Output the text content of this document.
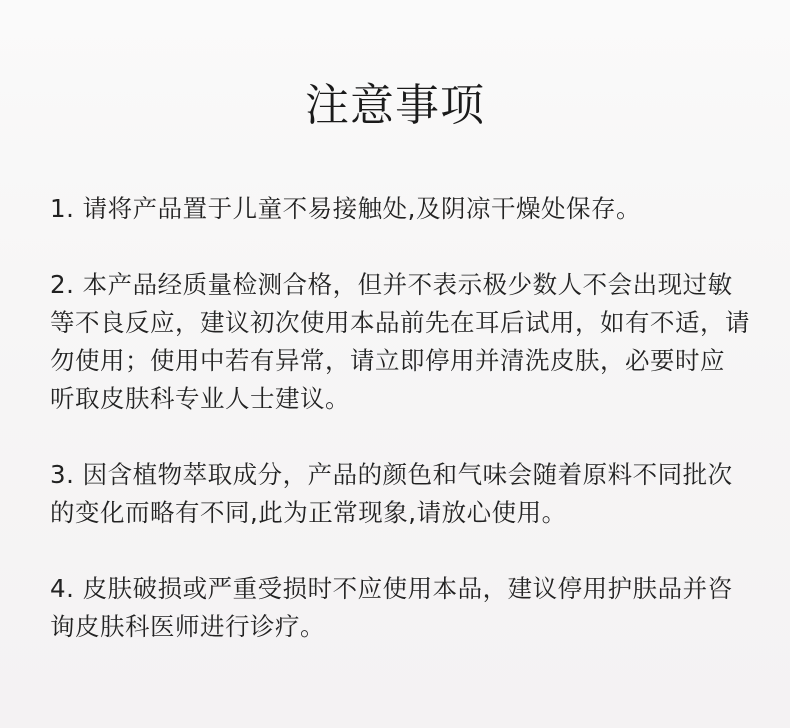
注意事项

1. 请将产品置于儿童不易接触处,及阴凉干燥处保存。

2. 本产品经质量检测合格，但并不表示极少数人不会出现过敏
等不良反应，建议初次使用本品前先在耳后试用，如有不适，请
勿使用；使用中若有异常，请立即停用并清洗皮肤，必要时应
听取皮肤科专业人士建议。

3. 因含植物萃取成分，产品的颜色和气味会随着原料不同批次
的变化而略有不同,此为正常现象,请放心使用。

4. 皮肤破损或严重受损时不应使用本品，建议停用护肤品并咨
询皮肤科医师进行诊疗。
